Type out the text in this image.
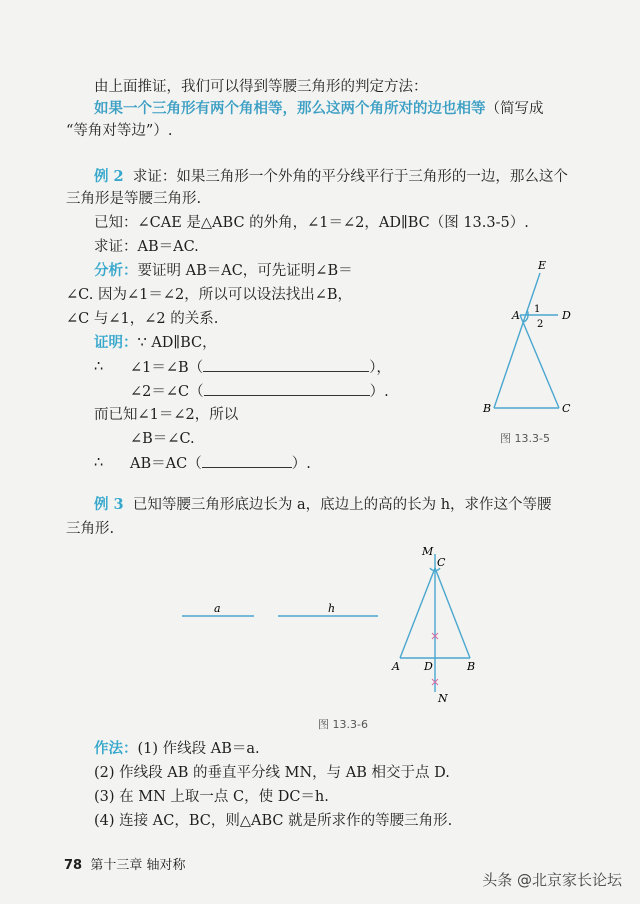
由上面推证，我们可以得到等腰三角形的判定方法：
如果一个三角形有两个角相等，那么这两个角所对的边也相等（简写成
“等角对等边”）.
例 2 求证：如果三角形一个外角的平分线平行于三角形的一边，那么这个
三角形是等腰三角形.
已知：∠CAE 是△ABC 的外角，∠1＝∠2，AD∥BC（图 13.3-5）.
求证：AB＝AC.
分析：要证明 AB＝AC，可先证明∠B＝
∠C. 因为∠1＝∠2，所以可以设法找出∠B，
∠C 与∠1，∠2 的关系.
证明：∵ AD∥BC，
∴ ∠1＝∠B（	），
∠2＝∠C（	）.
而已知∠1＝∠2，所以
∠B＝∠C.
∴ AB＝AC（	）.
E
A	D
1
2
B	C
图 13.3-5
例 3 已知等腰三角形底边长为 a，底边上的高的长为 h，求作这个等腰
三角形.
a	h
M
C
A D	B
N
图 13.3-6
作法：(1) 作线段 AB＝a.
(2) 作线段 AB 的垂直平分线 MN，与 AB 相交于点 D.
(3) 在 MN 上取一点 C，使 DC＝h.
(4) 连接 AC，BC，则△ABC 就是所求作的等腰三角形.
78 第十三章 轴对称
头条 @北京家长论坛
